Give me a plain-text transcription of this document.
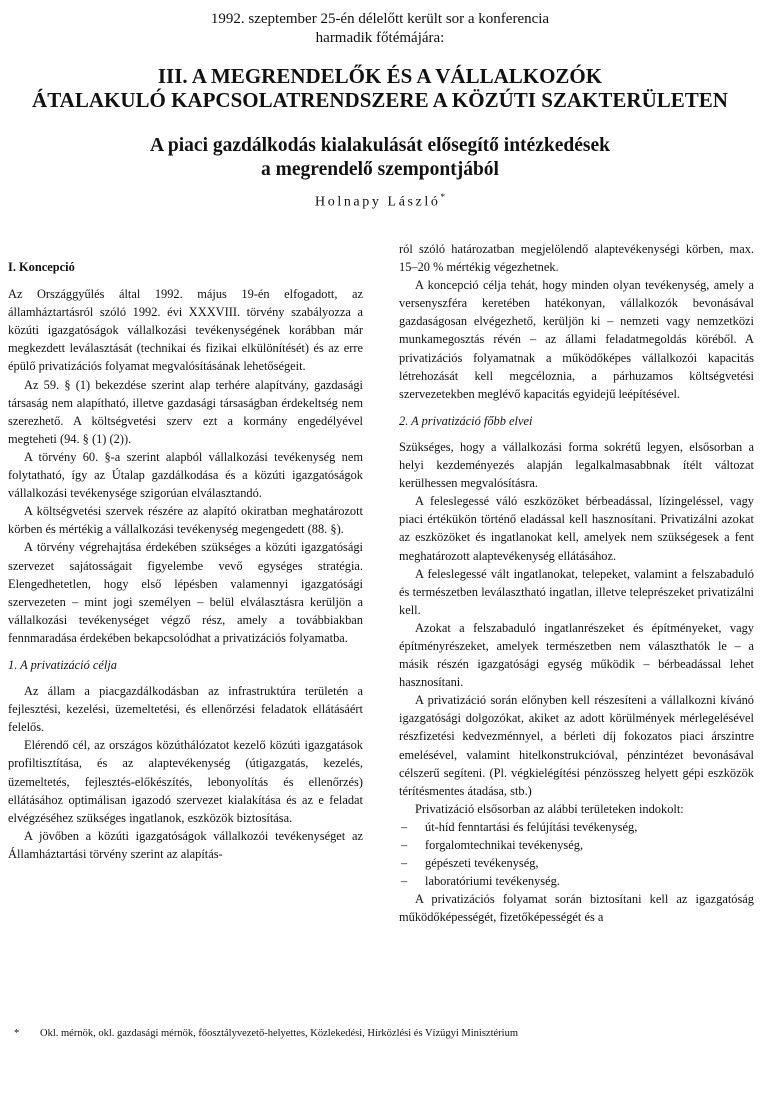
1992. szeptember 25-én délelőtt került sor a konferencia
harmadik főtémájára:
III. A MEGRENDELŐK ÉS A VÁLLALKOZÓK
ÁTALAKULÓ KAPCSOLATRENDSZERE A KÖZÚTI SZAKTERÜLETEN
A piaci gazdálkodás kialakulását elősegítő intézkedések
a megrendelő szempontjából
Holnapy László*

I. Koncepció

Az Országgyűlés által 1992. május 19-én elfogadott, az államháztartásról szóló 1992. évi XXXVIII. törvény szabályozza a közúti igazgatóságok vállalkozási tevékenységének korábban már megkezdett leválasztását (technikai és fizikai elkülönítését) és az erre épülő privatizációs folyamat megvalósításának lehetőségeit.

Az 59. § (1) bekezdése szerint alap terhére alapítvány, gazdasági társaság nem alapítható, illetve gazdasági társaságban érdekeltség nem szerezhető. A költségvetési szerv ezt a kormány engedélyével megteheti (94. § (1) (2)).

A törvény 60. §-a szerint alapból vállalkozási tevékenység nem folytatható, így az Útalap gazdálkodása és a közúti igazgatóságok vállalkozási tevékenysége szigorúan elválasztandó.

A költségvetési szervek részére az alapító okiratban meghatározott körben és mértékig a vállalkozási tevékenység megengedett (88. §).

A törvény végrehajtása érdekében szükséges a közúti igazgatósági szervezet sajátosságait figyelembe vevő egységes stratégia. Elengedhetetlen, hogy első lépésben valamennyi igazgatósági szervezeten – mint jogi személyen – belül elválasztásra kerüljön a vállalkozási tevékenységet végző rész, amely a továbbiakban fennmaradása érdekében bekapcsolódhat a privatizációs folyamatba.

1. A privatizáció célja

Az állam a piacgazdálkodásban az infrastruktúra területén a fejlesztési, kezelési, üzemeltetési, és ellenőrzési feladatok ellátásáért felelős.

Elérendő cél, az országos közúthálózatot kezelő közúti igazgatások profiltisztítása, és az alaptevékenység (útigazgatás, kezelés, üzemeltetés, fejlesztés-előkészítés, lebonyolítás és ellenőrzés) ellátásához optimálisan igazodó szervezet kialakítása és az e feladat elvégzéséhez szükséges ingatlanok, eszközök biztosítása.

A jövőben a közúti igazgatóságok vállalkozói tevékenységet az Államháztartási törvény szerint az alapítás-

ról szóló határozatban megjelölendő alaptevékenységi körben, max. 15–20 % mértékig végezhetnek.

A koncepció célja tehát, hogy minden olyan tevékenység, amely a versenyszféra keretében hatékonyan, vállalkozók bevonásával gazdaságosan elvégezhető, kerüljön ki – nemzeti vagy nemzetközi munkamegosztás révén – az állami feladatmegoldás köréből. A privatizációs folyamatnak a működőképes vállalkozói kapacitás létrehozását kell megcéloznia, a párhuzamos költségvetési szervezetekben meglévő kapacitás egyidejű leépítésével.

2. A privatizáció főbb elvei

Szükséges, hogy a vállalkozási forma sokrétű legyen, elsősorban a helyi kezdeményezés alapján legalkalmasabbnak ítélt változat kerülhessen megvalósításra.

A feleslegessé váló eszközöket bérbeadással, lízingeléssel, vagy piaci értékükön történő eladással kell hasznosítani. Privatizálni azokat az eszközöket és ingatlanokat kell, amelyek nem szükségesek a fent meghatározott alaptevékenység ellátásához.

A feleslegessé vált ingatlanokat, telepeket, valamint a felszabaduló és természetben leválasztható ingatlan, illetve teleprészeket privatizálni kell.

Azokat a felszabaduló ingatlanrészeket és építményeket, vagy építményrészeket, amelyek természetben nem választhatók le – a másik részén igazgatósági egység működik – bérbeadással lehet hasznosítani.

A privatizáció során előnyben kell részesíteni a vállalkozni kívánó igazgatósági dolgozókat, akiket az adott körülmények mérlegelésével részfizetési kedvezménnyel, a bérleti díj fokozatos piaci árszintre emelésével, valamint hitelkonstrukcióval, pénzintézet bevonásával célszerű segíteni. (Pl. végkielégítési pénzösszeg helyett gépi eszközök térítésmentes átadása, stb.)

Privatizáció elsősorban az alábbi területeken indokolt:

– út-híd fenntartási és felújítási tevékenység,
– forgalomtechnikai tevékenység,
– gépészeti tevékenység,
– laboratóriumi tevékenység.

A privatizációs folyamat során biztosítani kell az igazgatóság működőképességét, fizetőképességét és a

* Okl. mérnök, okl. gazdasági mérnök, főosztályvezető-helyettes, Közlekedési, Hírközlési és Vízügyi Minisztérium
